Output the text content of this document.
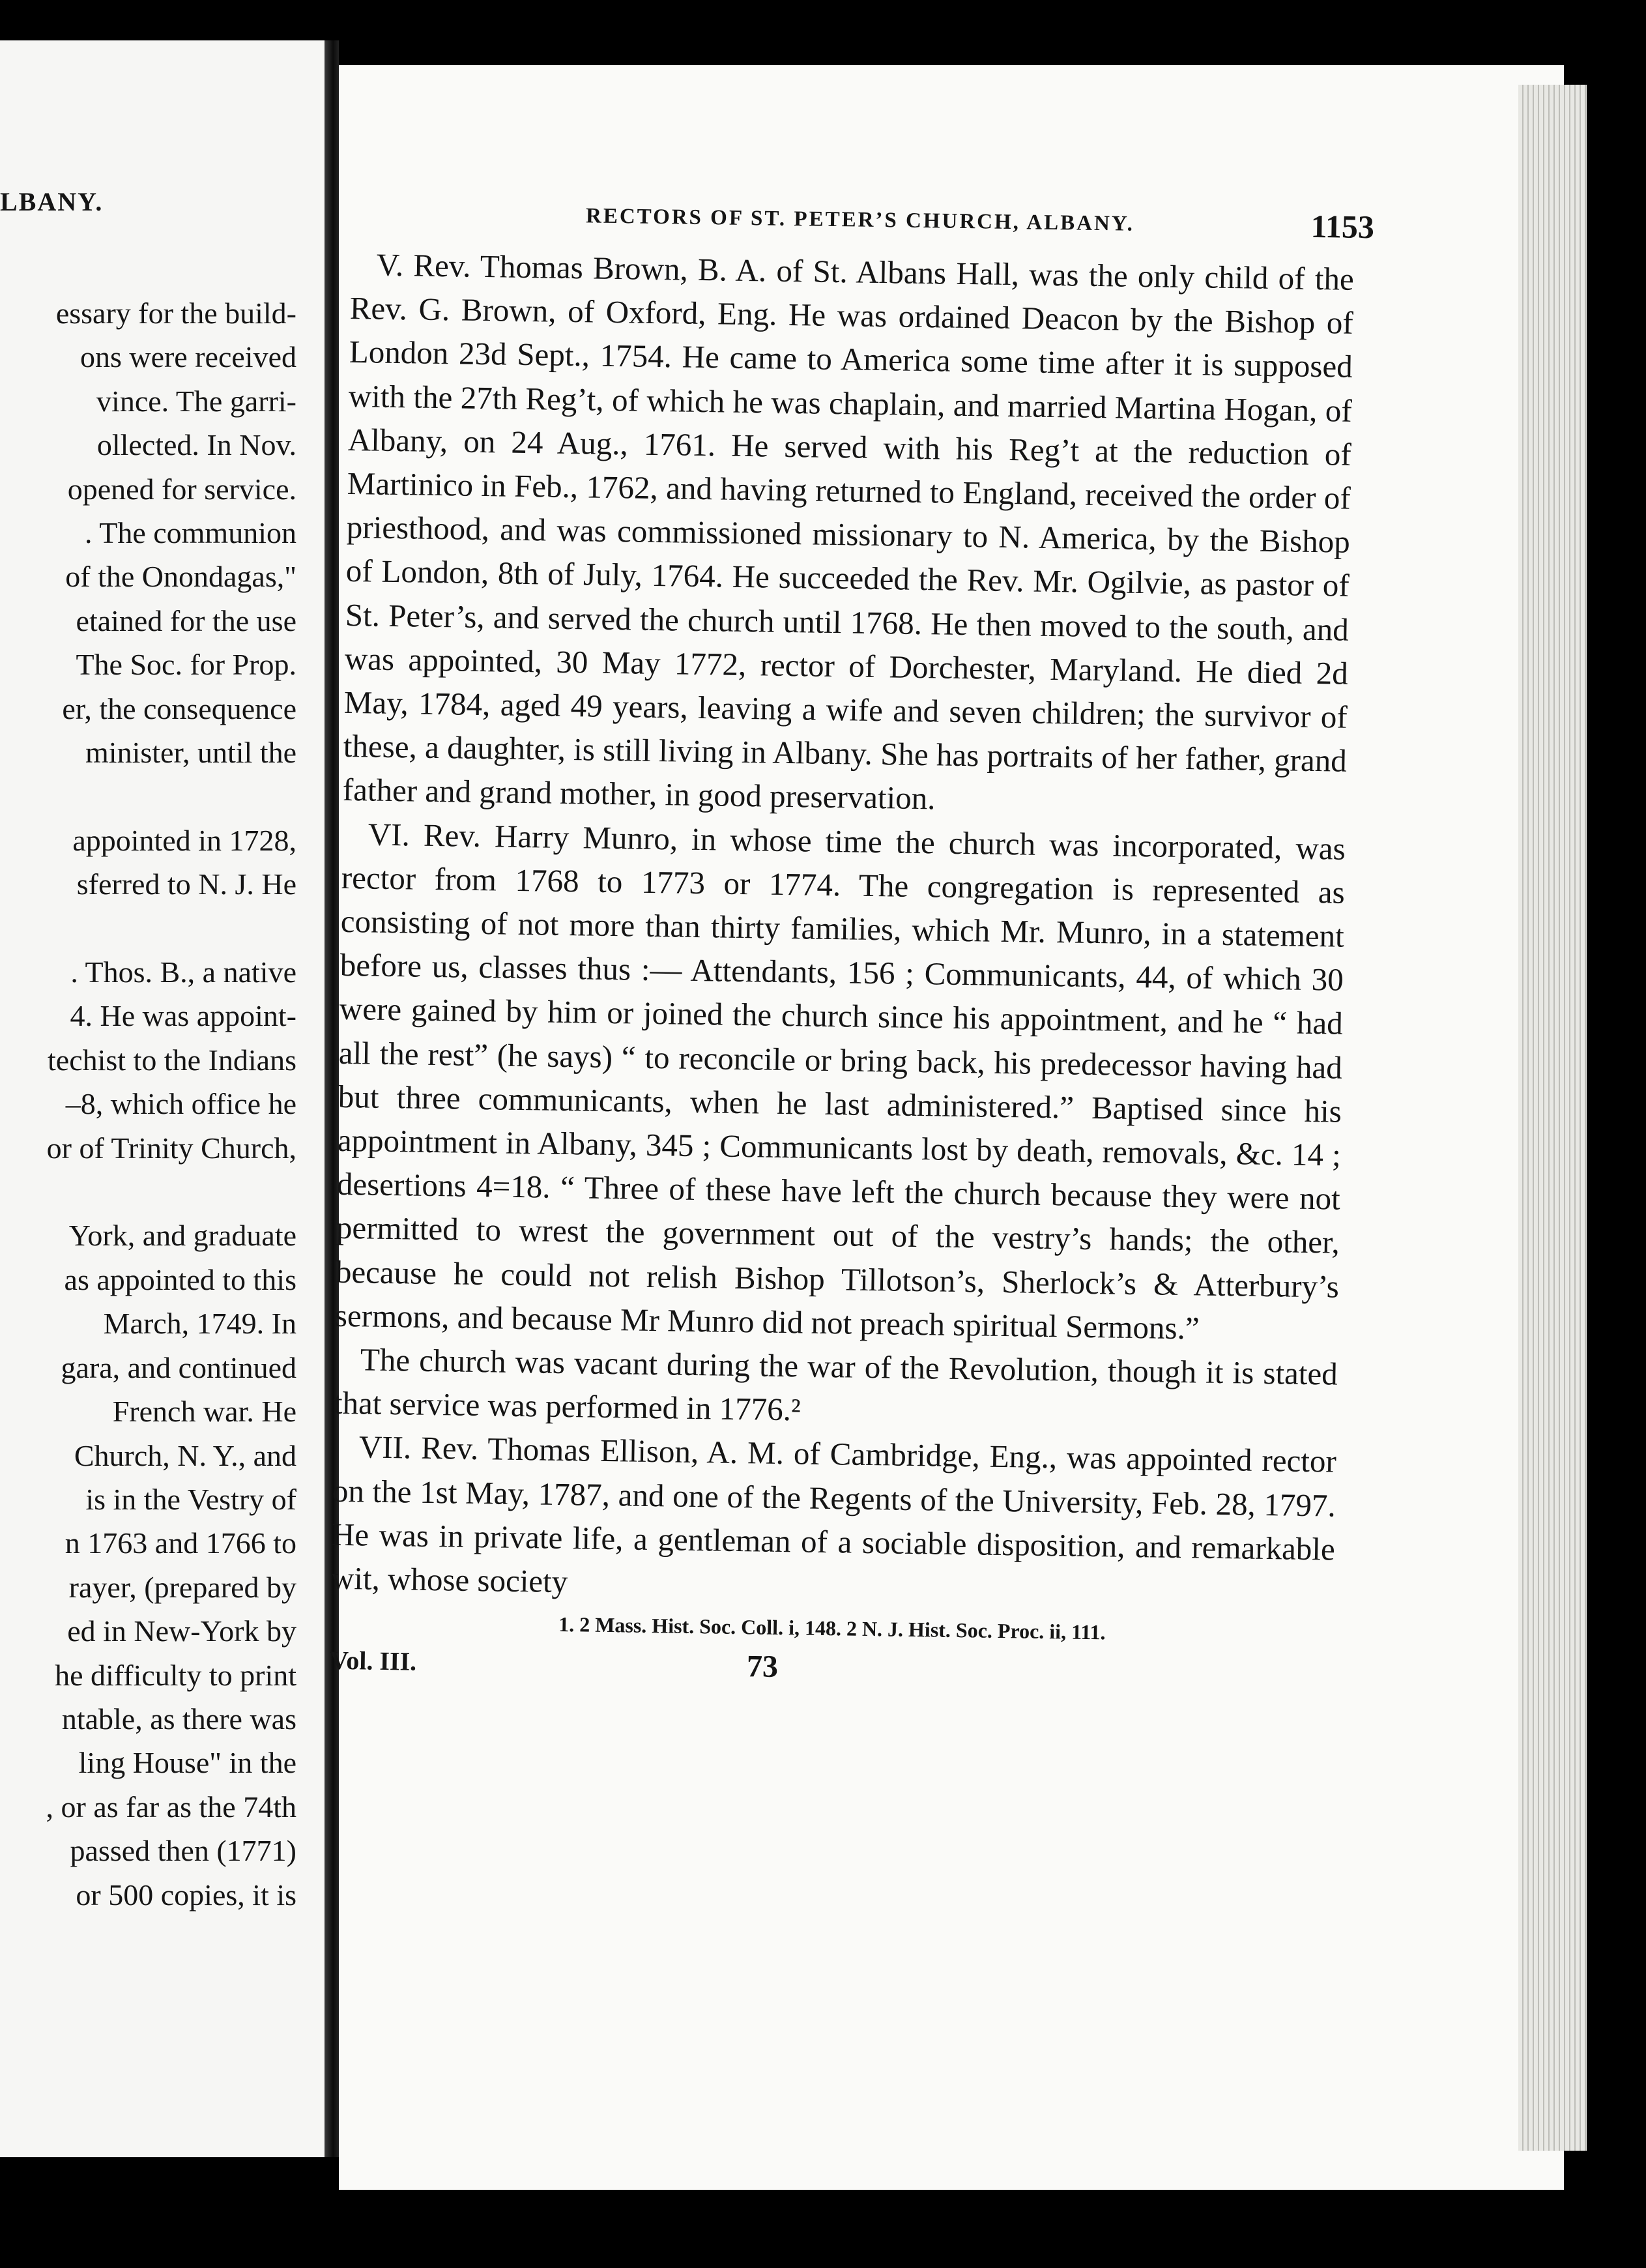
LBANY.
essary for the build-
ons were received
vince. The garri-
ollected. In Nov.
opened for service.
. The communion
of the Onondagas,"
etained for the use
The Soc. for Prop.
er, the consequence
minister, until the
appointed in 1728,
sferred to N. J. He
. Thos. B., a native
4. He was appoint-
techist to the Indians
–8, which office he
or of Trinity Church,
York, and graduate
as appointed to this
March, 1749. In
gara, and continued
French war. He
Church, N. Y., and
is in the Vestry of
n 1763 and 1766 to
rayer, (prepared by
ed in New-York by
he difficulty to print
ntable, as there was
ling House" in the
, or as far as the 74th
passed then (1771)
or 500 copies, it is
RECTORS OF ST. PETER’S CHURCH, ALBANY.	1153

V. Rev. Thomas Brown, B. A. of St. Albans Hall, was the only child of the Rev. G. Brown, of Oxford, Eng. He was ordained Deacon by the Bishop of London 23d Sept., 1754. He came to America some time after it is supposed with the 27th Reg’t, of which he was chaplain, and married Martina Hogan, of Albany, on 24 Aug., 1761. He served with his Reg’t at the reduction of Martinico in Feb., 1762, and having returned to England, received the order of priesthood, and was commissioned missionary to N. America, by the Bishop of London, 8th of July, 1764. He succeeded the Rev. Mr. Ogilvie, as pastor of St. Peter’s, and served the church until 1768. He then moved to the south, and was appointed, 30 May 1772, rector of Dorchester, Maryland. He died 2d May, 1784, aged 49 years, leaving a wife and seven children; the survivor of these, a daughter, is still living in Albany. She has portraits of her father, grand father and grand mother, in good preservation.

VI. Rev. Harry Munro, in whose time the church was incorporated, was rector from 1768 to 1773 or 1774. The congregation is represented as consisting of not more than thirty families, which Mr. Munro, in a statement before us, classes thus :— Attendants, 156 ; Communicants, 44, of which 30 were gained by him or joined the church since his appointment, and he “ had all the rest” (he says) “ to reconcile or bring back, his predecessor having had but three communicants, when he last administered.” Baptised since his appointment in Albany, 345 ; Communicants lost by death, removals, &c. 14 ; desertions 4=18. “ Three of these have left the church because they were not permitted to wrest the government out of the vestry’s hands; the other, because he could not relish Bishop Tillotson’s, Sherlock’s & Atterbury’s sermons, and because Mr Munro did not preach spiritual Sermons.”

The church was vacant during the war of the Revolution, though it is stated that service was performed in 1776.²

VII. Rev. Thomas Ellison, A. M. of Cambridge, Eng., was appointed rector on the 1st May, 1787, and one of the Regents of the University, Feb. 28, 1797. He was in private life, a gentleman of a sociable disposition, and remarkable wit, whose society

1. 2 Mass. Hist. Soc. Coll. i, 148. 2 N. J. Hist. Soc. Proc. ii, 111.
Vol. III.	73
